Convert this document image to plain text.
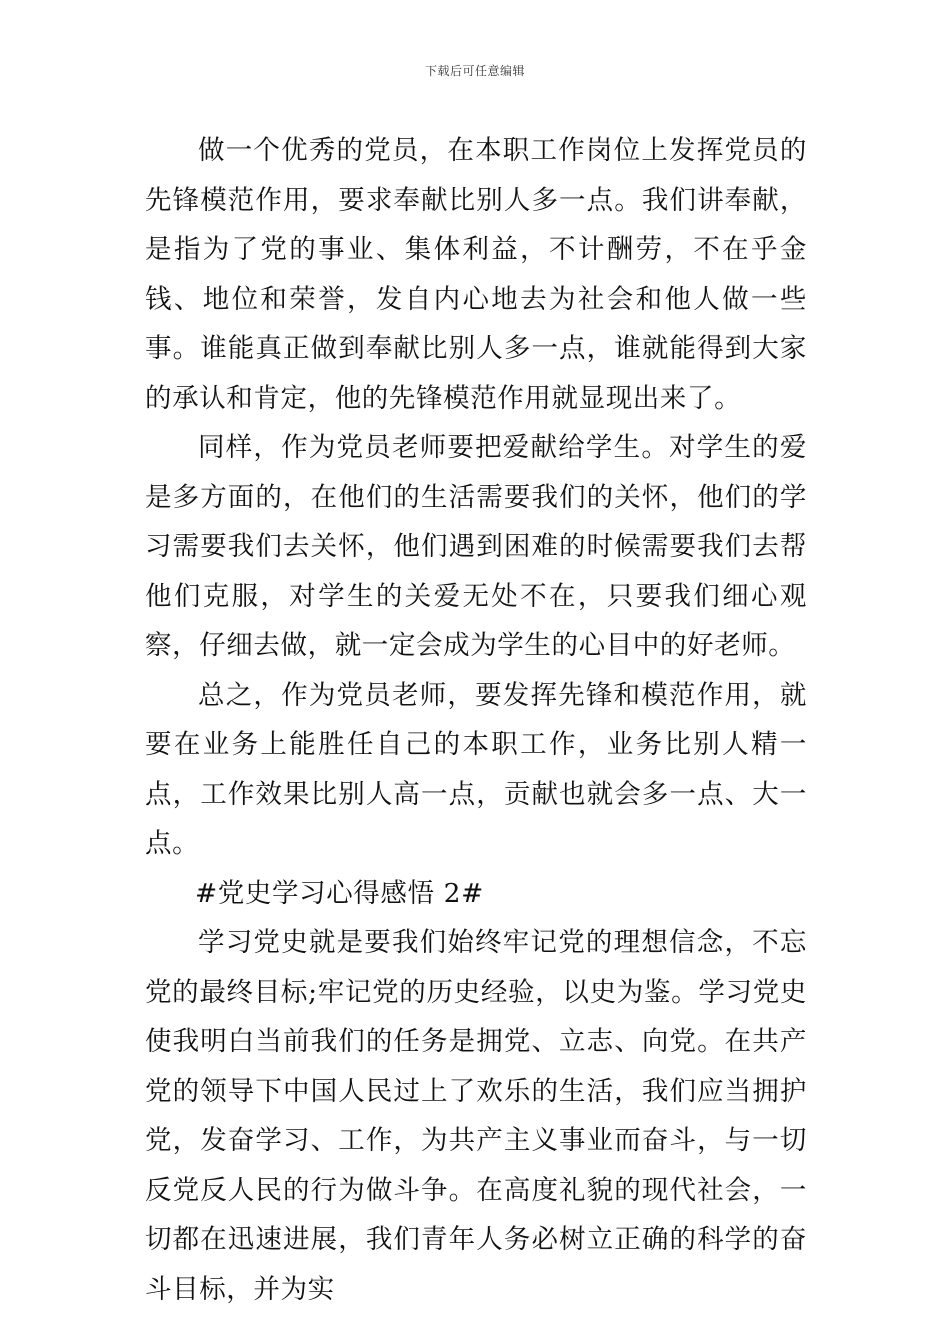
下载后可任意编辑

做一个优秀的党员，在本职工作岗位上发挥党员的先锋模范作用，要求奉献比别人多一点。我们讲奉献，是指为了党的事业、集体利益，不计酬劳，不在乎金钱、地位和荣誉，发自内心地去为社会和他人做一些事。谁能真正做到奉献比别人多一点，谁就能得到大家的承认和肯定，他的先锋模范作用就显现出来了。

同样，作为党员老师要把爱献给学生。对学生的爱是多方面的，在他们的生活需要我们的关怀，他们的学习需要我们去关怀，他们遇到困难的时候需要我们去帮他们克服，对学生的关爱无处不在，只要我们细心观察，仔细去做，就一定会成为学生的心目中的好老师。

总之，作为党员老师，要发挥先锋和模范作用，就要在业务上能胜任自己的本职工作，业务比别人精一点，工作效果比别人高一点，贡献也就会多一点、大一点。

#党史学习心得感悟 2#

学习党史就是要我们始终牢记党的理想信念，不忘党的最终目标;牢记党的历史经验，以史为鉴。学习党史使我明白当前我们的任务是拥党、立志、向党。在共产党的领导下中国人民过上了欢乐的生活，我们应当拥护党，发奋学习、工作，为共产主义事业而奋斗，与一切反党反人民的行为做斗争。在高度礼貌的现代社会，一切都在迅速进展，我们青年人务必树立正确的科学的奋斗目标，并为实
